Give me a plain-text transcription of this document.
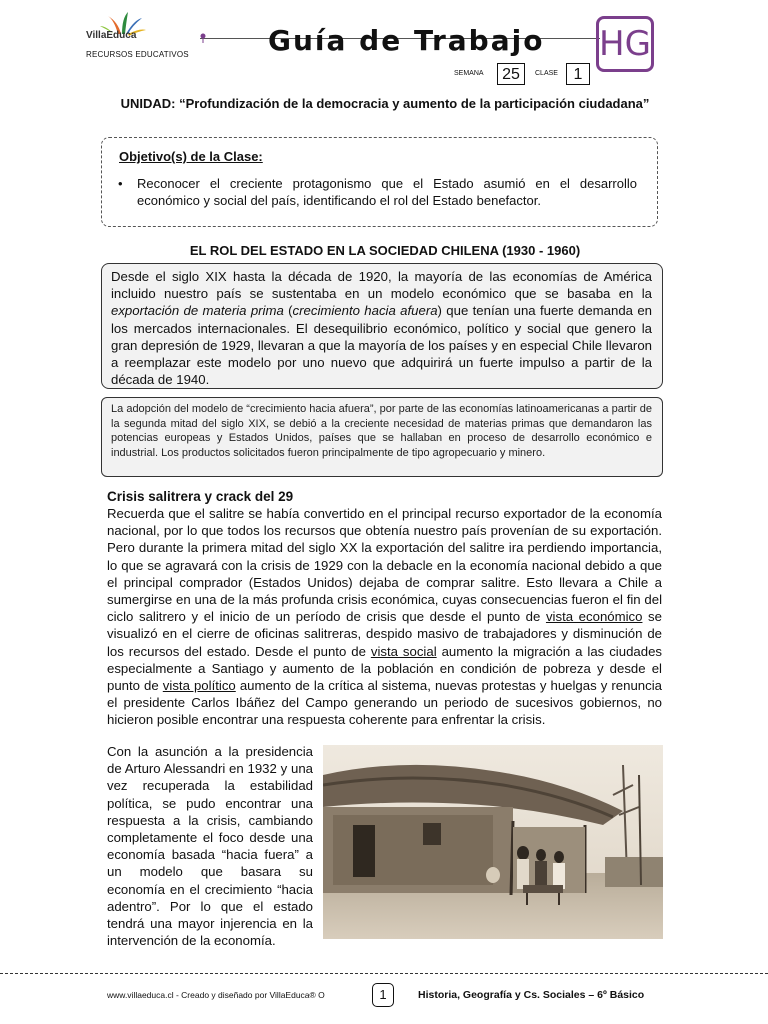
VillaEduca
RECURSOS EDUCATIVOS	Guía de Trabajo HG
SEMANA	25	CLASE 1
UNIDAD: “Profundización de la democracia y aumento de la participación ciudadana”
Objetivo(s) de la Clase:
• Reconocer el creciente protagonismo que el Estado asumió en el desarrollo económico y social del país, identificando el rol del Estado benefactor.
EL ROL DEL ESTADO EN LA SOCIEDAD CHILENA (1930 - 1960)
Desde el siglo XIX hasta la década de 1920, la mayoría de las economías de América incluido nuestro país se sustentaba en un modelo económico que se basaba en la exportación de materia prima (crecimiento hacia afuera) que tenían una fuerte demanda en los mercados internacionales. El desequilibrio económico, político y social que genero la gran depresión de 1929, llevaran a que la mayoría de los países y en especial Chile llevaron a reemplazar este modelo por uno nuevo que adquirirá un fuerte impulso a partir de la década de 1940.
La adopción del modelo de “crecimiento hacia afuera”, por parte de las economías latinoamericanas a partir de la segunda mitad del siglo XIX, se debió a la creciente necesidad de materias primas que demandaron las potencias europeas y Estados Unidos, países que se hallaban en proceso de desarrollo económico e industrial. Los productos solicitados fueron principalmente de tipo agropecuario y minero.
Crisis salitrera y crack del 29
Recuerda que el salitre se había convertido en el principal recurso exportador de la economía nacional, por lo que todos los recursos que obtenía nuestro país provenían de su exportación. Pero durante la primera mitad del siglo XX la exportación del salitre ira perdiendo importancia, lo que se agravará con la crisis de 1929 con la debacle en la economía nacional debido a que el principal comprador (Estados Unidos) dejaba de comprar salitre. Esto llevara a Chile a sumergirse en una de la más profunda crisis económica, cuyas consecuencias fueron el fin del ciclo salitrero y el inicio de un período de crisis que desde el punto de vista económico se visualizó en el cierre de oficinas salitreras, despido masivo de trabajadores y disminución de los recursos del estado. Desde el punto de vista social aumento la migración a las ciudades especialmente a Santiago y aumento de la población en condición de pobreza y desde el punto de vista político aumento de la crítica al sistema, nuevas protestas y huelgas y renuncia el presidente Carlos Ibáñez del Campo generando un periodo de sucesivos gobiernos, no hicieron posible encontrar una respuesta coherente para enfrentar la crisis.
Con la asunción a la presidencia de Arturo Alessandri en 1932 y una vez recuperada la estabilidad política, se pudo encontrar una respuesta a la crisis, cambiando completamente el foco desde una economía basada “hacia fuera” a un modelo que basara su economía en el crecimiento “hacia adentro”. Por lo que el estado tendrá una mayor injerencia en la intervención de la economía.
www.villaeduca.cl - Creado y diseñado por VillaEduca® O	1	Historia, Geografía y Cs. Sociales – 6º Básico
